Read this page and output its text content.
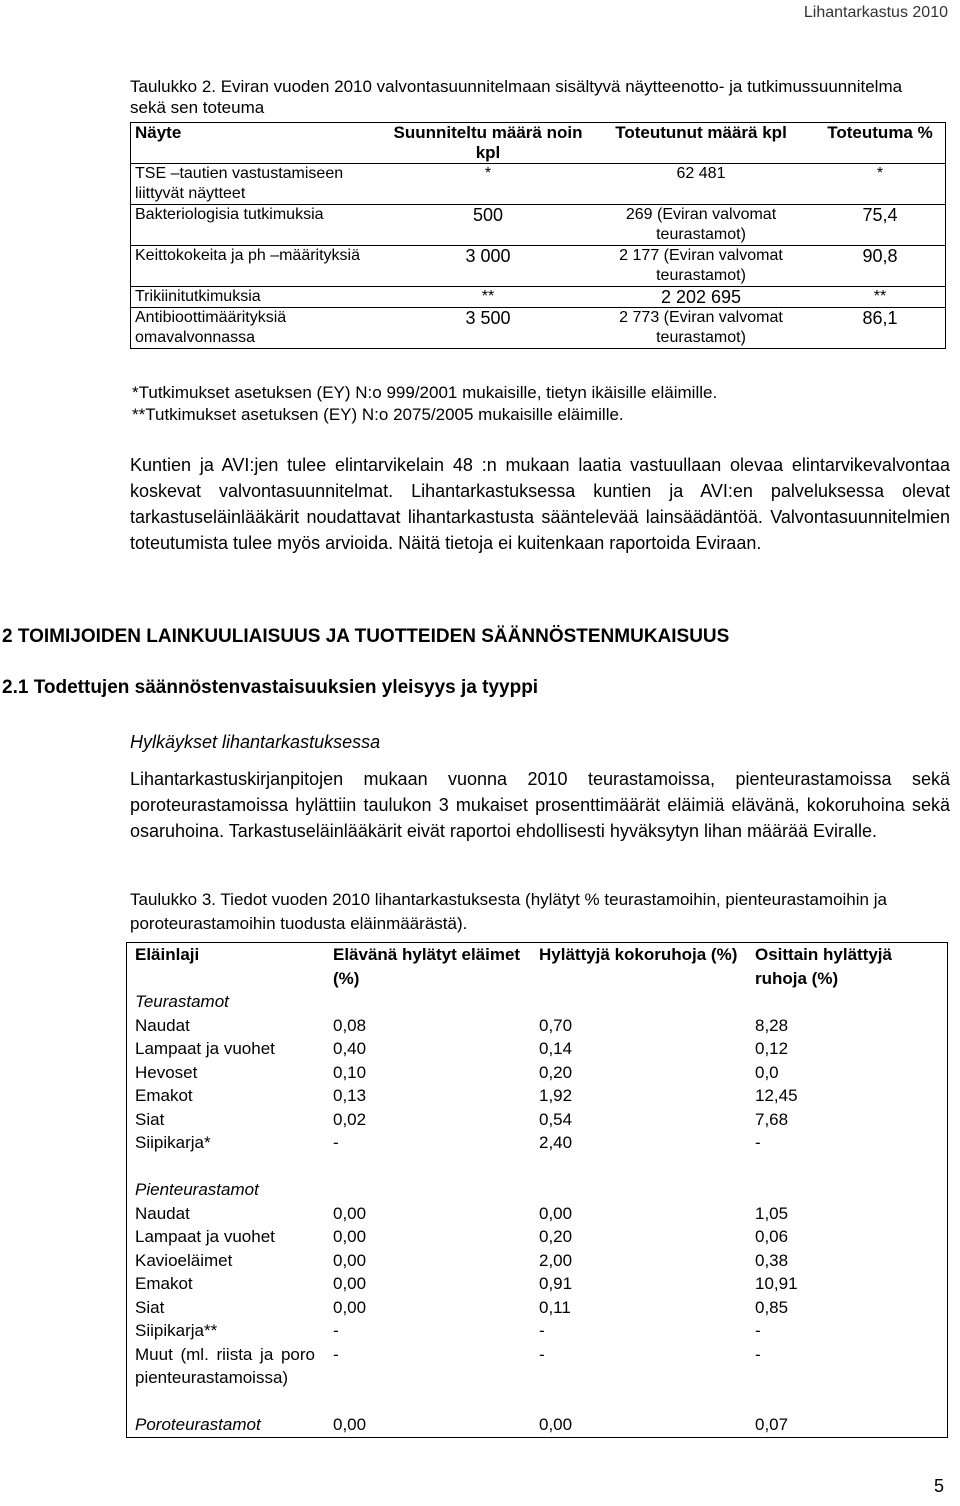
Lihantarkastus 2010
Taulukko 2. Eviran vuoden 2010 valvontasuunnitelmaan sisältyvä näytteenotto- ja tutkimussuunnitelma sekä sen toteuma
Näyte	Suunniteltu määrä noin kpl	Toteutunut määrä kpl	Toteutuma %
TSE –tautien vastustamiseen liittyvät näytteet	*	62 481	*
Bakteriologisia tutkimuksia	500	269 (Eviran valvomat teurastamot)	75,4
Keittokokeita ja ph –määrityksiä	3 000	2 177 (Eviran valvomat teurastamot)	90,8
Trikiinitutkimuksia	**	2 202 695	**
Antibioottimäärityksiä omavalvonnassa	3 500	2 773 (Eviran valvomat teurastamot)	86,1
*Tutkimukset asetuksen (EY) N:o 999/2001 mukaisille, tietyn ikäisille eläimille.
**Tutkimukset asetuksen (EY) N:o 2075/2005 mukaisille eläimille.
Kuntien ja AVI:jen tulee elintarvikelain 48 :n mukaan laatia vastuullaan olevaa elintarvikevalvontaa koskevat valvontasuunnitelmat. Lihantarkastuksessa kuntien ja AVI:en palveluksessa olevat tarkastuseläinlääkärit noudattavat lihantarkastusta sääntelevää lainsäädäntöä. Valvontasuunnitelmien toteutumista tulee myös arvioida. Näitä tietoja ei kuitenkaan raportoida Eviraan.
2 TOIMIJOIDEN LAINKUULIAISUUS JA TUOTTEIDEN SÄÄNNÖSTENMUKAISUUS
2.1 Todettujen säännöstenvastaisuuksien yleisyys ja tyyppi
Hylkäykset lihantarkastuksessa
Lihantarkastuskirjanpitojen mukaan vuonna 2010 teurastamoissa, pienteurastamoissa sekä poroteurastamoissa hylättiin taulukon 3 mukaiset prosenttimäärät eläimiä elävänä, kokoruhoina sekä osaruhoina. Tarkastuseläinlääkärit eivät raportoi ehdollisesti hyväksytyn lihan määrää Eviralle.
Taulukko 3. Tiedot vuoden 2010 lihantarkastuksesta (hylätyt % teurastamoihin, pienteurastamoihin ja poroteurastamoihin tuodusta eläinmäärästä).
Eläinlaji	Elävänä hylätyt eläimet (%)	Hylättyjä kokoruhoja (%)	Osittain hylättyjä ruhoja (%)
Teurastamot			
Naudat	0,08	0,70	8,28
Lampaat ja vuohet	0,40	0,14	0,12
Hevoset	0,10	0,20	0,0
Emakot	0,13	1,92	12,45
Siat	0,02	0,54	7,68
Siipikarja*	-	2,40	-

Pienteurastamot			
Naudat	0,00	0,00	1,05
Lampaat ja vuohet	0,00	0,20	0,06
Kavioeläimet	0,00	2,00	0,38
Emakot	0,00	0,91	10,91
Siat	0,00	0,11	0,85
Siipikarja**	-	-	-
Muut (ml. riista ja poro pienteurastamoissa)	-	-	-

Poroteurastamot	0,00	0,00	0,07
5
